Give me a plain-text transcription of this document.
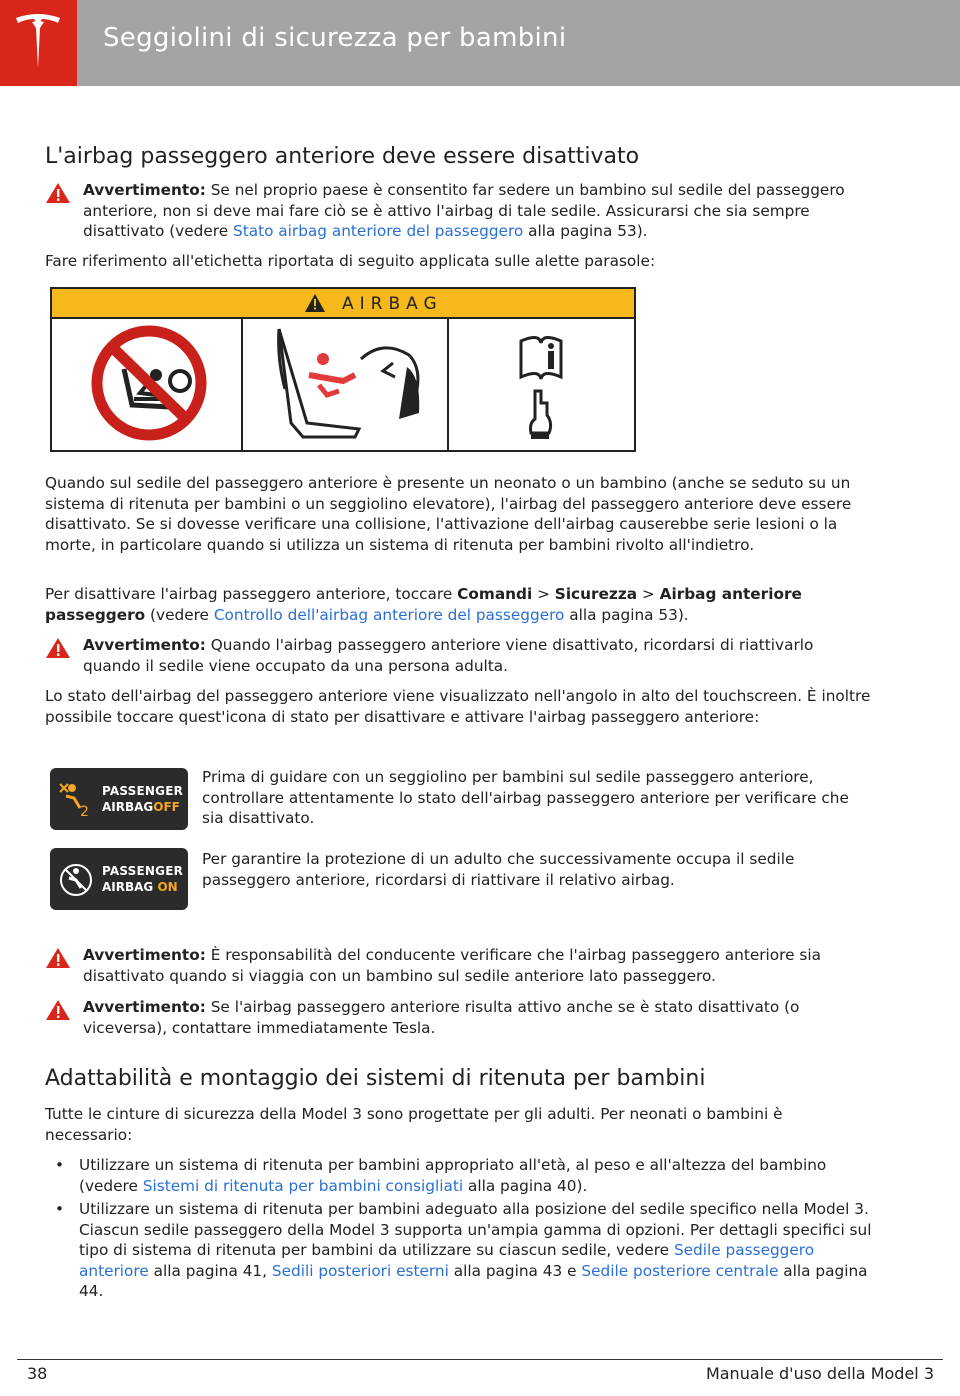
Seggiolini di sicurezza per bambini
L'airbag passeggero anteriore deve essere disattivato

Avvertimento: Se nel proprio paese è consentito far sedere un bambino sul sedile del passeggero anteriore, non si deve mai fare ciò se è attivo l'airbag di tale sedile. Assicurarsi che sia sempre disattivato (vedere Stato airbag anteriore del passeggero alla pagina 53).

Fare riferimento all'etichetta riportata di seguito applicata sulle alette parasole:

Quando sul sedile del passeggero anteriore è presente un neonato o un bambino (anche se seduto su un sistema di ritenuta per bambini o un seggiolino elevatore), l'airbag del passeggero anteriore deve essere disattivato. Se si dovesse verificare una collisione, l'attivazione dell'airbag causerebbe serie lesioni o la morte, in particolare quando si utilizza un sistema di ritenuta per bambini rivolto all'indietro.

Per disattivare l'airbag passeggero anteriore, toccare Comandi > Sicurezza > Airbag anteriore passeggero (vedere Controllo dell'airbag anteriore del passeggero alla pagina 53).

Avvertimento: Quando l'airbag passeggero anteriore viene disattivato, ricordarsi di riattivarlo quando il sedile viene occupato da una persona adulta.

Lo stato dell'airbag del passeggero anteriore viene visualizzato nell'angolo in alto del touchscreen. È inoltre possibile toccare quest'icona di stato per disattivare e attivare l'airbag passeggero anteriore:

Prima di guidare con un seggiolino per bambini sul sedile passeggero anteriore, controllare attentamente lo stato dell'airbag passeggero anteriore per verificare che sia disattivato.

Per garantire la protezione di un adulto che successivamente occupa il sedile passeggero anteriore, ricordarsi di riattivare il relativo airbag.

Avvertimento: È responsabilità del conducente verificare che l'airbag passeggero anteriore sia disattivato quando si viaggia con un bambino sul sedile anteriore lato passeggero.

Avvertimento: Se l'airbag passeggero anteriore risulta attivo anche se è stato disattivato (o viceversa), contattare immediatamente Tesla.

Adattabilità e montaggio dei sistemi di ritenuta per bambini

Tutte le cinture di sicurezza della Model 3 sono progettate per gli adulti. Per neonati o bambini è necessario:

• Utilizzare un sistema di ritenuta per bambini appropriato all'età, al peso e all'altezza del bambino (vedere Sistemi di ritenuta per bambini consigliati alla pagina 40).
• Utilizzare un sistema di ritenuta per bambini adeguato alla posizione del sedile specifico nella Model 3. Ciascun sedile passeggero della Model 3 supporta un'ampia gamma di opzioni. Per dettagli specifici sul tipo di sistema di ritenuta per bambini da utilizzare su ciascun sedile, vedere Sedile passeggero anteriore alla pagina 41, Sedili posteriori esterni alla pagina 43 e Sedile posteriore centrale alla pagina 44.
AIRBAG
2
PASSENGER
AIRBAGOFF
PASSENGER
AIRBAG ON
38	Manuale d'uso della Model 3
